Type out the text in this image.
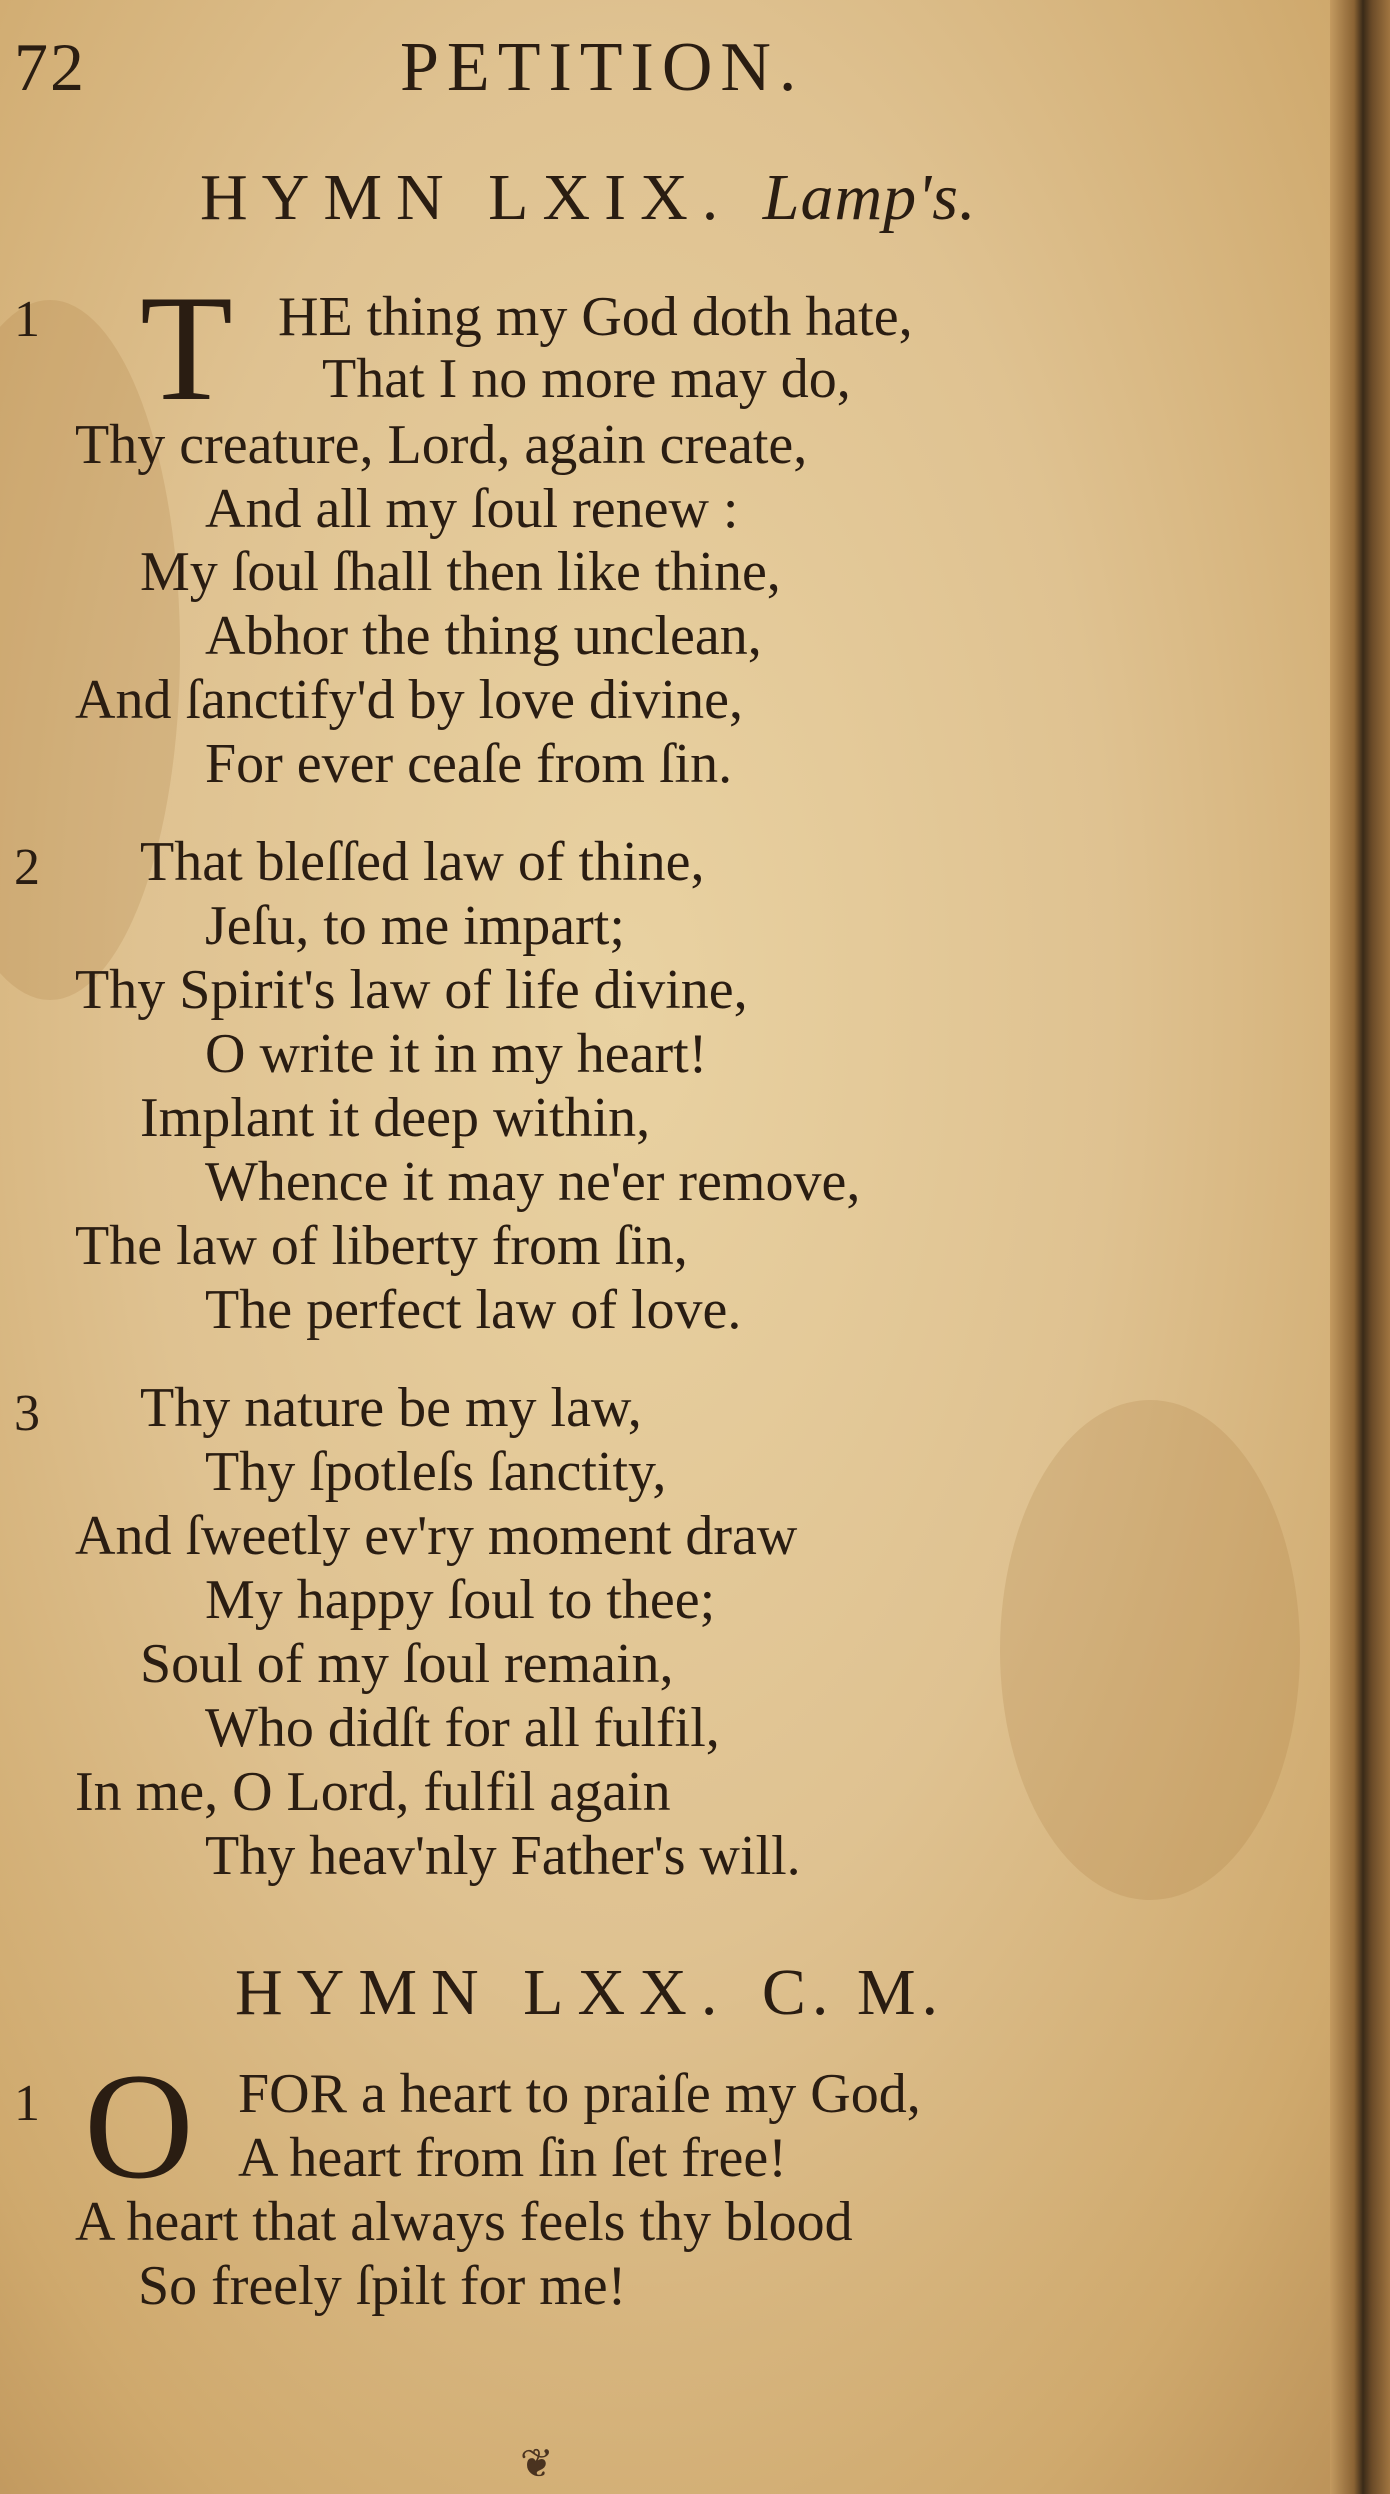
72	PETITION.
HYMN LXIX. Lamp's.
1 T HE thing my God doth hate,
That I no more may do,
Thy creature, Lord, again create,
And all my ſoul renew :
My ſoul ſhall then like thine,
Abhor the thing unclean,
And ſanctify'd by love divine,
For ever ceaſe from ſin.
2 That bleſſed law of thine,
Jeſu, to me impart;
Thy Spirit's law of life divine,
O write it in my heart!
Implant it deep within,
Whence it may ne'er remove,
The law of liberty from ſin,
The perfect law of love.
3 Thy nature be my law,
Thy ſpotleſs ſanctity,
And ſweetly ev'ry moment draw
My happy ſoul to thee;
Soul of my ſoul remain,
Who didſt for all fulfil,
In me, O Lord, fulfil again
Thy heav'nly Father's will.
HYMN LXX. C. M.
1 O FOR a heart to praiſe my God,
A heart from ſin ſet free!
A heart that always feels thy blood
So freely ſpilt for me!
❦
